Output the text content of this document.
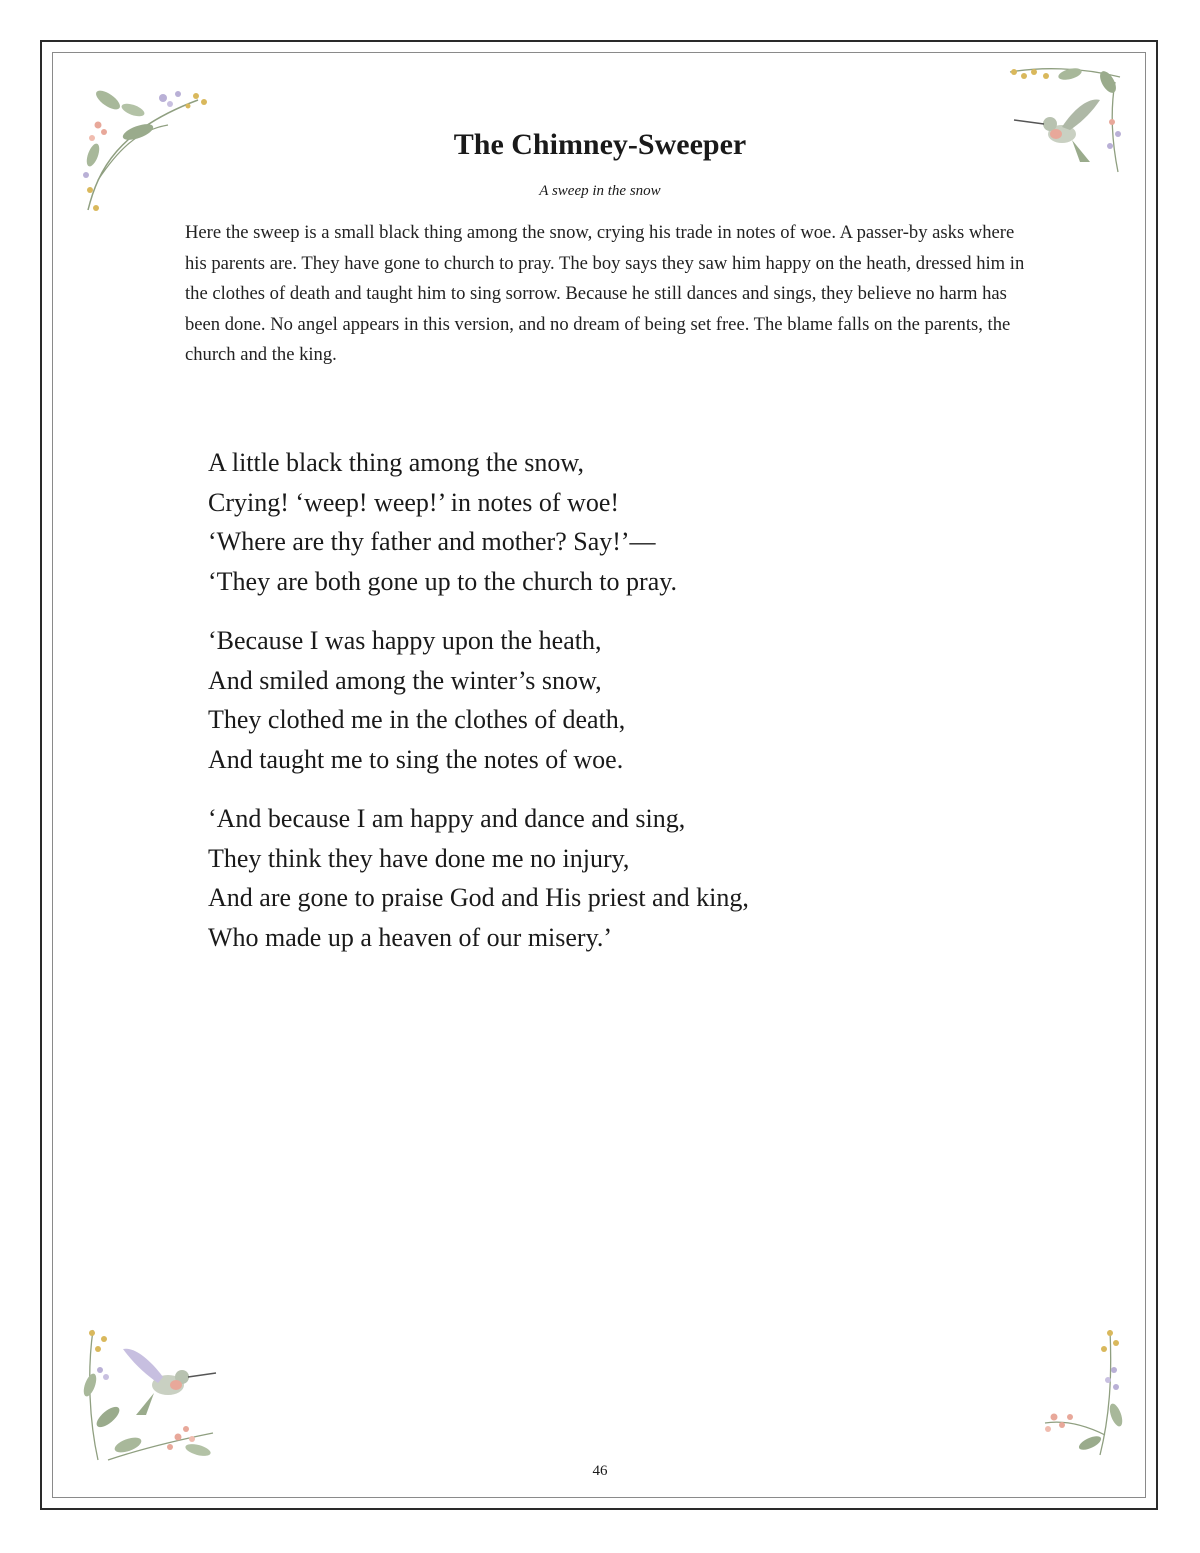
The Chimney-Sweeper

A sweep in the snow

Here the sweep is a small black thing among the snow, crying his trade in notes of woe. A passer-by asks where his parents are. They have gone to church to pray. The boy says they saw him happy on the heath, dressed him in the clothes of death and taught him to sing sorrow. Because he still dances and sings, they believe no harm has been done. No angel appears in this version, and no dream of being set free. The blame falls on the parents, the church and the king.

A little black thing among the snow,
Crying! ‘weep! weep!’ in notes of woe!
‘Where are thy father and mother? Say!’—
‘They are both gone up to the church to pray.
‘Because I was happy upon the heath,
And smiled among the winter’s snow,
They clothed me in the clothes of death,
And taught me to sing the notes of woe.
‘And because I am happy and dance and sing,
They think they have done me no injury,
And are gone to praise God and His priest and king,
Who made up a heaven of our misery.’
46
